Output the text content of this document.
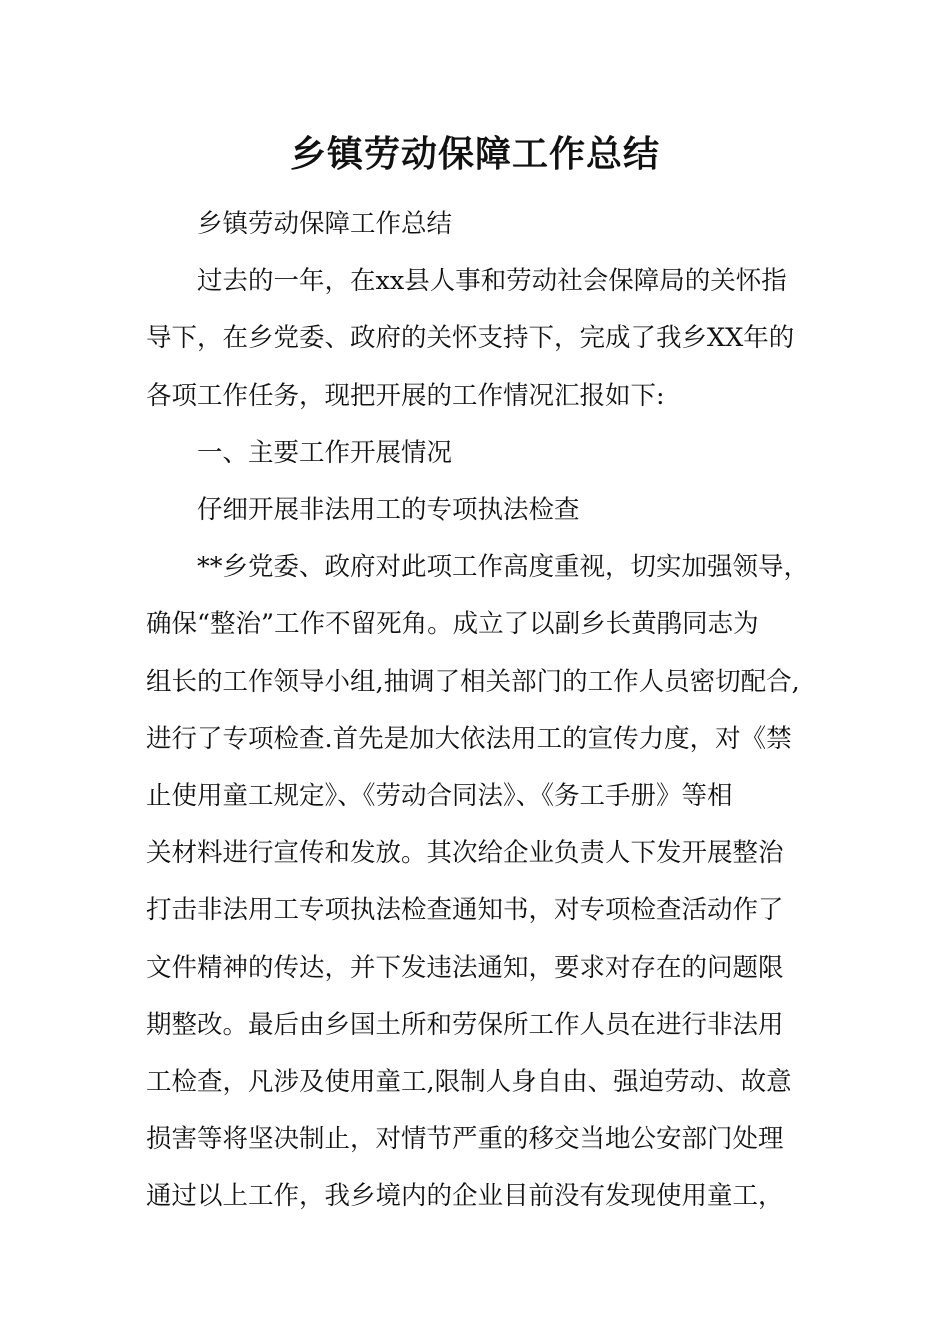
乡镇劳动保障工作总结

乡镇劳动保障工作总结

过去的一年，在xx县人事和劳动社会保障局的关怀指
导下，在乡党委、政府的关怀支持下，完成了我乡XX年的
各项工作任务，现把开展的工作情况汇报如下:

一、主要工作开展情况

仔细开展非法用工的专项执法检查

**乡党委、政府对此项工作高度重视，切实加强领导，
确保“整治”工作不留死角。成立了以副乡长黄鹃同志为
组长的工作领导小组,抽调了相关部门的工作人员密切配合,
进行了专项检查.首先是加大依法用工的宣传力度，对《禁
止使用童工规定》、《劳动合同法》、《务工手册》等相
关材料进行宣传和发放。其次给企业负责人下发开展整治
打击非法用工专项执法检查通知书，对专项检查活动作了
文件精神的传达，并下发违法通知，要求对存在的问题限
期整改。最后由乡国土所和劳保所工作人员在进行非法用
工检查，凡涉及使用童工,限制人身自由、强迫劳动、故意
损害等将坚决制止，对情节严重的移交当地公安部门处理
通过以上工作，我乡境内的企业目前没有发现使用童工，
